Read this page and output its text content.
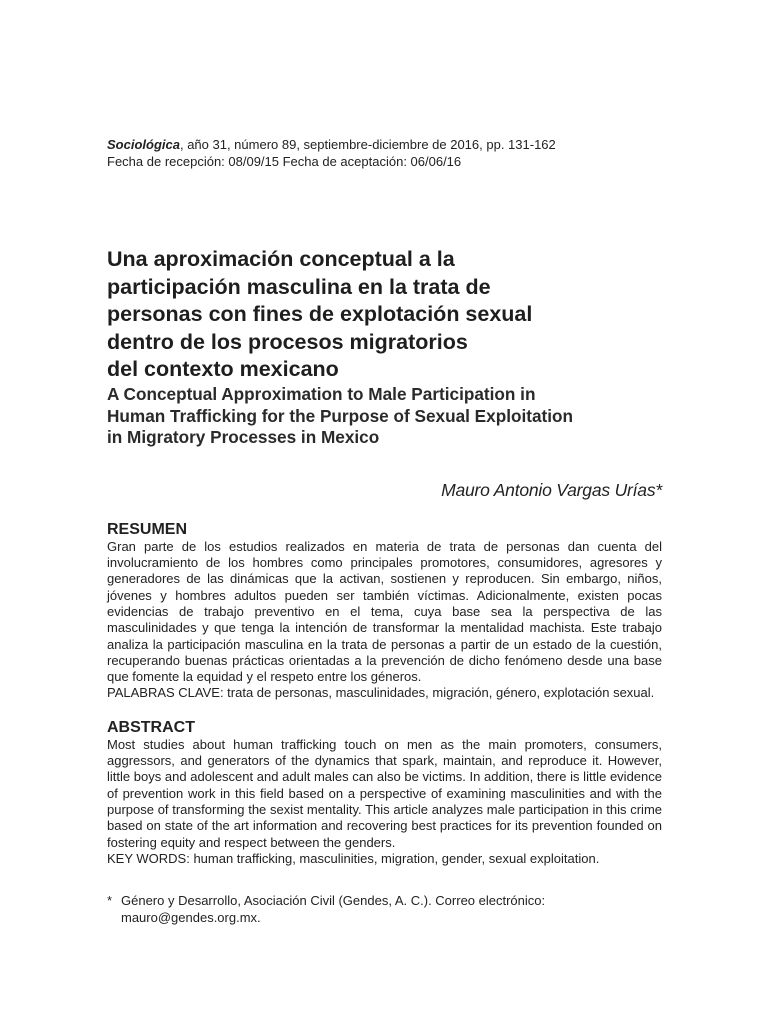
Sociológica, año 31, número 89, septiembre-diciembre de 2016, pp. 131-162

Fecha de recepción: 08/09/15 Fecha de aceptación: 06/06/16

Una aproximación conceptual a la
participación masculina en la trata de
personas con fines de explotación sexual
dentro de los procesos migratorios
del contexto mexicano
A Conceptual Approximation to Male Participation in
Human Trafficking for the Purpose of Sexual Exploitation
in Migratory Processes in Mexico

Mauro Antonio Vargas Urías*

RESUMEN

Gran parte de los estudios realizados en materia de trata de personas dan cuenta del involucramiento de los hombres como principales promotores, consumidores, agresores y generadores de las dinámicas que la activan, sostienen y reproducen. Sin embargo, niños, jóvenes y hombres adultos pueden ser también víctimas. Adicionalmente, existen pocas evidencias de trabajo preventivo en el tema, cuya base sea la perspectiva de las masculinidades y que tenga la intención de transformar la mentalidad machista. Este trabajo analiza la participación masculina en la trata de personas a partir de un estado de la cuestión, recuperando buenas prácticas orientadas a la prevención de dicho fenómeno desde una base que fomente la equidad y el respeto entre los géneros.

PALABRAS CLAVE: trata de personas, masculinidades, migración, género, explotación sexual.

ABSTRACT

Most studies about human trafficking touch on men as the main promoters, consumers, aggressors, and generators of the dynamics that spark, maintain, and reproduce it. However, little boys and adolescent and adult males can also be victims. In addition, there is little evidence of prevention work in this field based on a perspective of examining masculinities and with the purpose of transforming the sexist mentality. This article analyzes male participation in this crime based on state of the art information and recovering best practices for its prevention founded on fostering equity and respect between the genders.

KEY WORDS: human trafficking, masculinities, migration, gender, sexual exploitation.

* Género y Desarrollo, Asociación Civil (Gendes, A. C.). Correo electrónico: mauro@gendes.org.mx.
